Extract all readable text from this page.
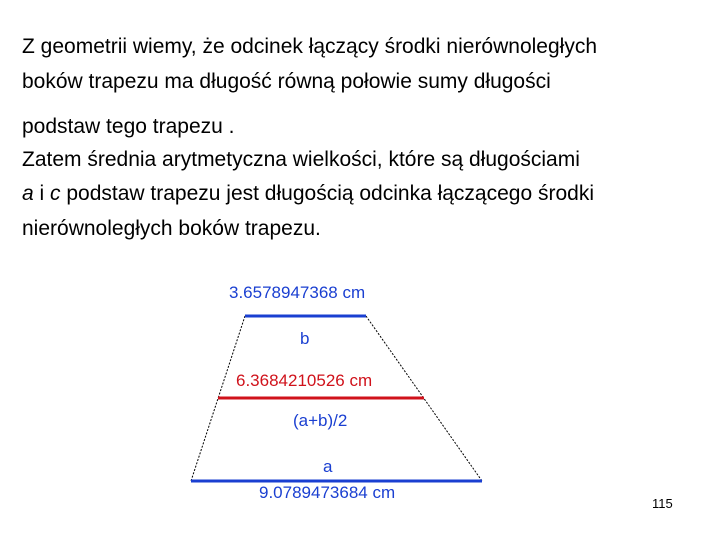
Z geometrii wiemy, że odcinek łączący środki nierównoległych
boków trapezu ma długość równą połowie sumy długości
podstaw tego trapezu .
Zatem średnia arytmetyczna wielkości, które są długościami
a i c podstaw trapezu jest długością odcinka łączącego środki
nierównoległych boków trapezu.
3.6578947368 cm
b
6.3684210526 cm
(a+b)/2
a
9.0789473684 cm
115
